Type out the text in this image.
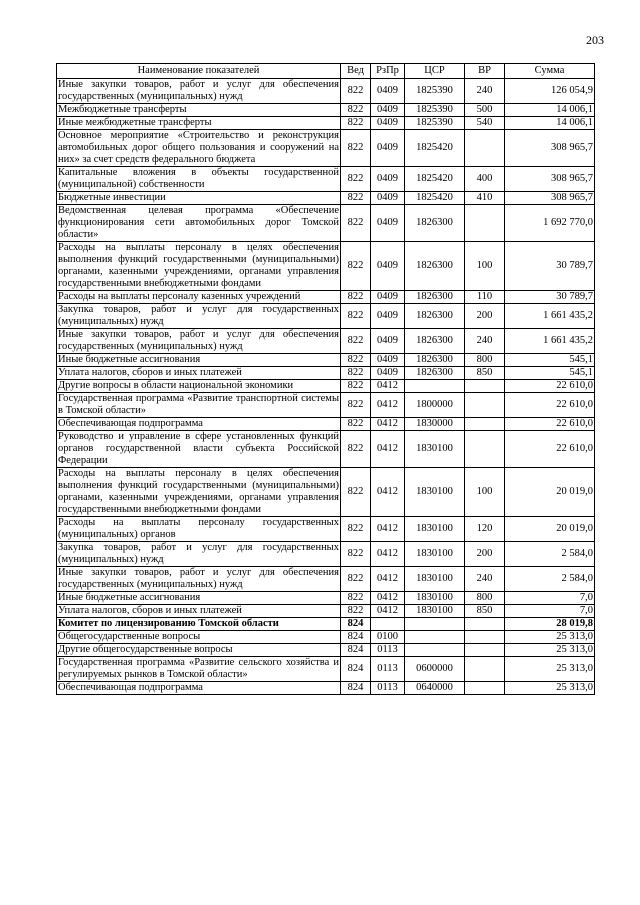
203
Наименование показателей	Вед	РзПр	ЦСР	ВР	Сумма
Иные закупки товаров, работ и услуг для обеспечения государственных (муниципальных) нужд	822	0409	1825390	240	126 054,9
Межбюджетные трансферты	822	0409	1825390	500	14 006,1
Иные межбюджетные трансферты	822	0409	1825390	540	14 006,1
Основное мероприятие «Строительство и реконструкция автомобильных дорог общего пользования и сооружений на них» за счет средств федерального бюджета	822	0409	1825420		308 965,7
Капитальные вложения в объекты государственной (муниципальной) собственности	822	0409	1825420	400	308 965,7
Бюджетные инвестиции	822	0409	1825420	410	308 965,7
Ведомственная целевая программа «Обеспечение функционирования сети автомобильных дорог Томской области»	822	0409	1826300		1 692 770,0
Расходы на выплаты персоналу в целях обеспечения выполнения функций государственными (муниципальными) органами, казенными учреждениями, органами управления государственными внебюджетными фондами	822	0409	1826300	100	30 789,7
Расходы на выплаты персоналу казенных учреждений	822	0409	1826300	110	30 789,7
Закупка товаров, работ и услуг для государственных (муниципальных) нужд	822	0409	1826300	200	1 661 435,2
Иные закупки товаров, работ и услуг для обеспечения государственных (муниципальных) нужд	822	0409	1826300	240	1 661 435,2
Иные бюджетные ассигнования	822	0409	1826300	800	545,1
Уплата налогов, сборов и иных платежей	822	0409	1826300	850	545,1
Другие вопросы в области национальной экономики	822	0412			22 610,0
Государственная программа «Развитие транспортной системы в Томской области»	822	0412	1800000		22 610,0
Обеспечивающая подпрограмма	822	0412	1830000		22 610,0
Руководство и управление в сфере установленных функций органов государственной власти субъекта Российской Федерации	822	0412	1830100		22 610,0
Расходы на выплаты персоналу в целях обеспечения выполнения функций государственными (муниципальными) органами, казенными учреждениями, органами управления государственными внебюджетными фондами	822	0412	1830100	100	20 019,0
Расходы на выплаты персоналу государственных (муниципальных) органов	822	0412	1830100	120	20 019,0
Закупка товаров, работ и услуг для государственных (муниципальных) нужд	822	0412	1830100	200	2 584,0
Иные закупки товаров, работ и услуг для обеспечения государственных (муниципальных) нужд	822	0412	1830100	240	2 584,0
Иные бюджетные ассигнования	822	0412	1830100	800	7,0
Уплата налогов, сборов и иных платежей	822	0412	1830100	850	7,0
Комитет по лицензированию Томской области	824				28 019,8
Общегосударственные вопросы	824	0100			25 313,0
Другие общегосударственные вопросы	824	0113			25 313,0
Государственная программа «Развитие сельского хозяйства и регулируемых рынков в Томской области»	824	0113	0600000		25 313,0
Обеспечивающая подпрограмма	824	0113	0640000		25 313,0
